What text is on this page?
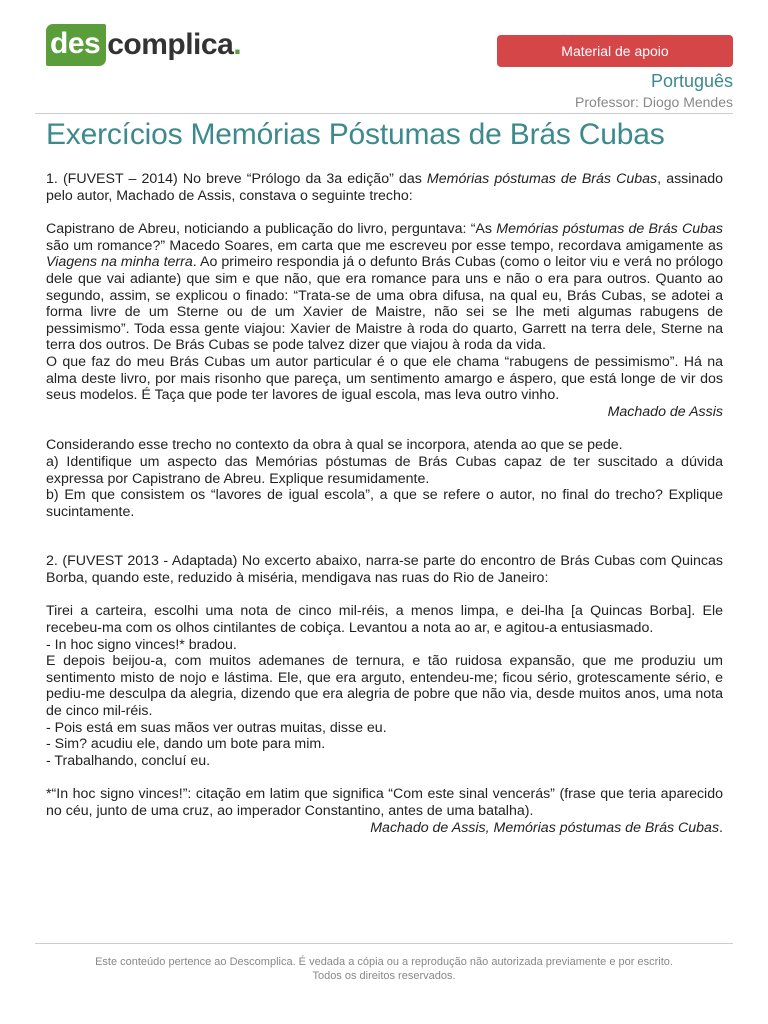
des complica.	Material de apoio
Português
Professor: Diogo Mendes
Exercícios Memórias Póstumas de Brás Cubas

1. (FUVEST – 2014) No breve “Prólogo da 3a edição” das Memórias póstumas de Brás Cubas, assinado pelo autor, Machado de Assis, constava o seguinte trecho:

Capistrano de Abreu, noticiando a publicação do livro, perguntava: “As Memórias póstumas de Brás Cubas são um romance?” Macedo Soares, em carta que me escreveu por esse tempo, recordava amigamente as Viagens na minha terra. Ao primeiro respondia já o defunto Brás Cubas (como o leitor viu e verá no prólogo dele que vai adiante) que sim e que não, que era romance para uns e não o era para outros. Quanto ao segundo, assim, se explicou o finado: “Trata-se de uma obra difusa, na qual eu, Brás Cubas, se adotei a forma livre de um Sterne ou de um Xavier de Maistre, não sei se lhe meti algumas rabugens de pessimismo”. Toda essa gente viajou: Xavier de Maistre à roda do quarto, Garrett na terra dele, Sterne na terra dos outros. De Brás Cubas se pode talvez dizer que viajou à roda da vida.

O que faz do meu Brás Cubas um autor particular é o que ele chama “rabugens de pessimismo”. Há na alma deste livro, por mais risonho que pareça, um sentimento amargo e áspero, que está longe de vir dos seus modelos. É Taça que pode ter lavores de igual escola, mas leva outro vinho.

Machado de Assis

Considerando esse trecho no contexto da obra à qual se incorpora, atenda ao que se pede.

a) Identifique um aspecto das Memórias póstumas de Brás Cubas capaz de ter suscitado a dúvida expressa por Capistrano de Abreu. Explique resumidamente.

b) Em que consistem os “lavores de igual escola”, a que se refere o autor, no final do trecho? Explique sucintamente.

2. (FUVEST 2013 - Adaptada) No excerto abaixo, narra-se parte do encontro de Brás Cubas com Quincas Borba, quando este, reduzido à miséria, mendigava nas ruas do Rio de Janeiro:

Tirei a carteira, escolhi uma nota de cinco mil-réis, a menos limpa, e dei-lha [a Quincas Borba]. Ele recebeu-ma com os olhos cintilantes de cobiça. Levantou a nota ao ar, e agitou-a entusiasmado.

- In hoc signo vinces!* bradou.

E depois beijou-a, com muitos ademanes de ternura, e tão ruidosa expansão, que me produziu um sentimento misto de nojo e lástima. Ele, que era arguto, entendeu-me; ficou sério, grotescamente sério, e pediu-me desculpa da alegria, dizendo que era alegria de pobre que não via, desde muitos anos, uma nota de cinco mil-réis.

- Pois está em suas mãos ver outras muitas, disse eu.

- Sim? acudiu ele, dando um bote para mim.

- Trabalhando, concluí eu.

*“In hoc signo vinces!”: citação em latim que significa “Com este sinal vencerás” (frase que teria aparecido no céu, junto de uma cruz, ao imperador Constantino, antes de uma batalha).

Machado de Assis, Memórias póstumas de Brás Cubas.

Este conteúdo pertence ao Descomplica. É vedada a cópia ou a reprodução não autorizada previamente e por escrito.
Todos os direitos reservados.
